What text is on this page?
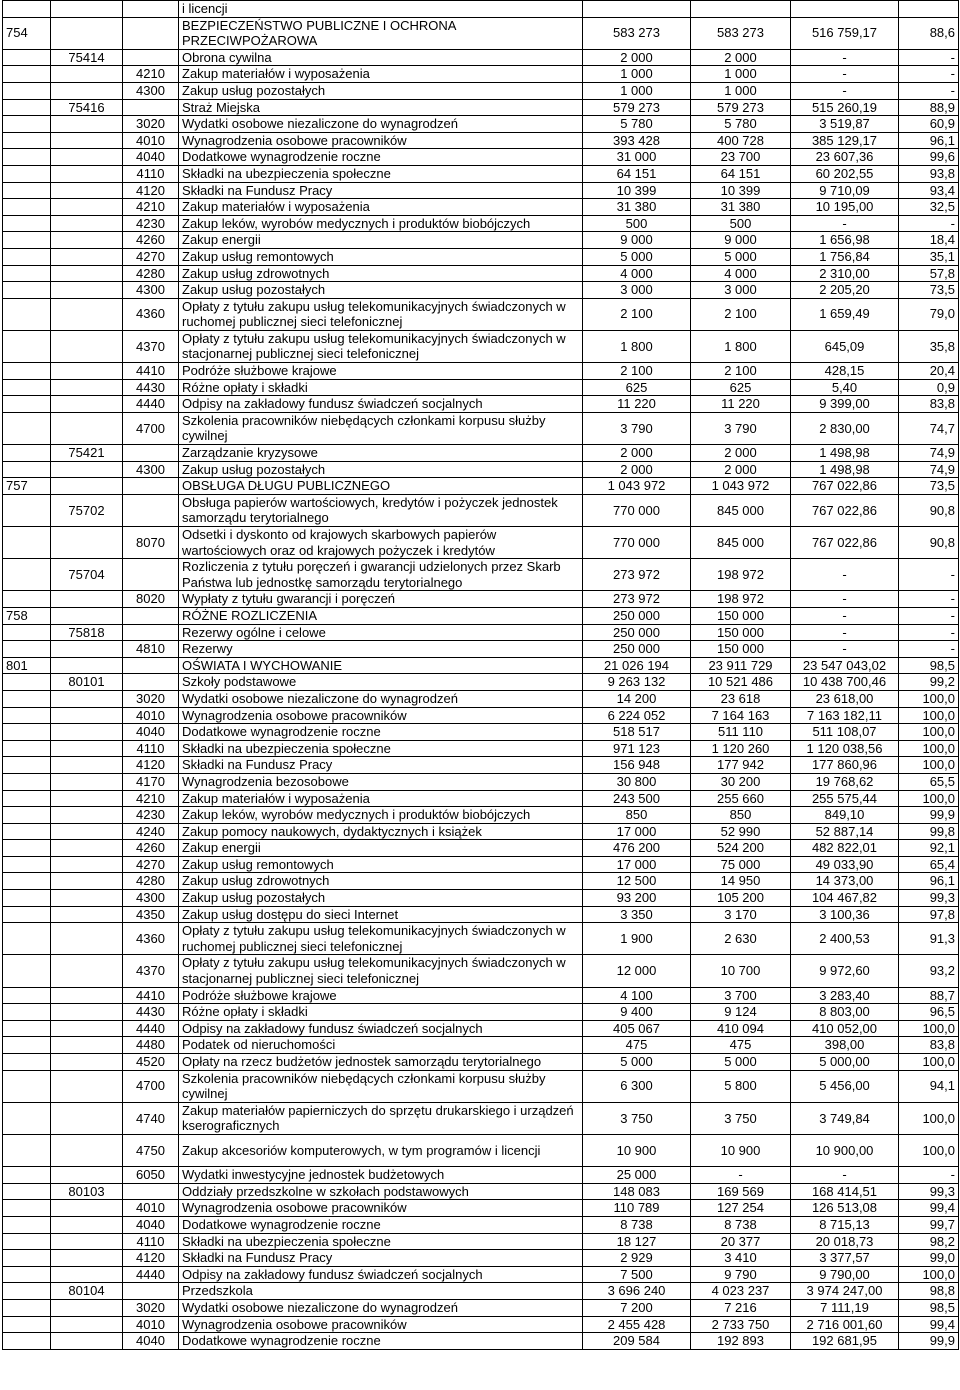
			i licencji				
754			BEZPIECZEŃSTWO PUBLICZNE I OCHRONA PRZECIWPOŻAROWA	583 273	583 273	516 759,17	88,6
	75414		Obrona cywilna	2 000	2 000	-	-
		4210	Zakup materiałów i wyposażenia	1 000	1 000	-	-
		4300	Zakup usług pozostałych	1 000	1 000	-	-
	75416		Straż Miejska	579 273	579 273	515 260,19	88,9
		3020	Wydatki osobowe niezaliczone do wynagrodzeń	5 780	5 780	3 519,87	60,9
		4010	Wynagrodzenia osobowe pracowników	393 428	400 728	385 129,17	96,1
		4040	Dodatkowe wynagrodzenie roczne	31 000	23 700	23 607,36	99,6
		4110	Składki na ubezpieczenia społeczne	64 151	64 151	60 202,55	93,8
		4120	Składki na Fundusz Pracy	10 399	10 399	9 710,09	93,4
		4210	Zakup materiałów i wyposażenia	31 380	31 380	10 195,00	32,5
		4230	Zakup leków, wyrobów medycznych i produktów biobójczych	500	500	-	-
		4260	Zakup energii	9 000	9 000	1 656,98	18,4
		4270	Zakup usług remontowych	5 000	5 000	1 756,84	35,1
		4280	Zakup usług zdrowotnych	4 000	4 000	2 310,00	57,8
		4300	Zakup usług pozostałych	3 000	3 000	2 205,20	73,5
		4360	Opłaty z tytułu zakupu usług telekomunikacyjnych świadczonych w ruchomej publicznej sieci telefonicznej	2 100	2 100	1 659,49	79,0
		4370	Opłaty z tytułu zakupu usług telekomunikacyjnych świadczonych w stacjonarnej publicznej sieci telefonicznej	1 800	1 800	645,09	35,8
		4410	Podróże służbowe krajowe	2 100	2 100	428,15	20,4
		4430	Różne opłaty i składki	625	625	5,40	0,9
		4440	Odpisy na zakładowy fundusz świadczeń socjalnych	11 220	11 220	9 399,00	83,8
		4700	Szkolenia pracowników niebędących członkami korpusu służby cywilnej	3 790	3 790	2 830,00	74,7
	75421		Zarządzanie kryzysowe	2 000	2 000	1 498,98	74,9
		4300	Zakup usług pozostałych	2 000	2 000	1 498,98	74,9
757			OBSŁUGA DŁUGU PUBLICZNEGO	1 043 972	1 043 972	767 022,86	73,5
	75702		Obsługa papierów wartościowych, kredytów i pożyczek jednostek samorządu terytorialnego	770 000	845 000	767 022,86	90,8
		8070	Odsetki i dyskonto od krajowych skarbowych papierów wartościowych oraz od krajowych pożyczek i kredytów	770 000	845 000	767 022,86	90,8
	75704		Rozliczenia z tytułu poręczeń i gwarancji udzielonych przez Skarb Państwa lub jednostkę samorządu terytorialnego	273 972	198 972	-	-
		8020	Wypłaty z tytułu gwarancji i poręczeń	273 972	198 972	-	-
758			RÓŻNE ROZLICZENIA	250 000	150 000	-	-
	75818		Rezerwy ogólne i celowe	250 000	150 000	-	-
		4810	Rezerwy	250 000	150 000	-	-
801			OŚWIATA I WYCHOWANIE	21 026 194	23 911 729	23 547 043,02	98,5
	80101		Szkoły podstawowe	9 263 132	10 521 486	10 438 700,46	99,2
		3020	Wydatki osobowe niezaliczone do wynagrodzeń	14 200	23 618	23 618,00	100,0
		4010	Wynagrodzenia osobowe pracowników	6 224 052	7 164 163	7 163 182,11	100,0
		4040	Dodatkowe wynagrodzenie roczne	518 517	511 110	511 108,07	100,0
		4110	Składki na ubezpieczenia społeczne	971 123	1 120 260	1 120 038,56	100,0
		4120	Składki na Fundusz Pracy	156 948	177 942	177 860,96	100,0
		4170	Wynagrodzenia bezosobowe	30 800	30 200	19 768,62	65,5
		4210	Zakup materiałów i wyposażenia	243 500	255 660	255 575,44	100,0
		4230	Zakup leków, wyrobów medycznych i produktów biobójczych	850	850	849,10	99,9
		4240	Zakup pomocy naukowych, dydaktycznych i książek	17 000	52 990	52 887,14	99,8
		4260	Zakup energii	476 200	524 200	482 822,01	92,1
		4270	Zakup usług remontowych	17 000	75 000	49 033,90	65,4
		4280	Zakup usług zdrowotnych	12 500	14 950	14 373,00	96,1
		4300	Zakup usług pozostałych	93 200	105 200	104 467,82	99,3
		4350	Zakup usług dostępu do sieci Internet	3 350	3 170	3 100,36	97,8
		4360	Opłaty z tytułu zakupu usług telekomunikacyjnych świadczonych w ruchomej publicznej sieci telefonicznej	1 900	2 630	2 400,53	91,3
		4370	Opłaty z tytułu zakupu usług telekomunikacyjnych świadczonych w stacjonarnej publicznej sieci telefonicznej	12 000	10 700	9 972,60	93,2
		4410	Podróże służbowe krajowe	4 100	3 700	3 283,40	88,7
		4430	Różne opłaty i składki	9 400	9 124	8 803,00	96,5
		4440	Odpisy na zakładowy fundusz świadczeń socjalnych	405 067	410 094	410 052,00	100,0
		4480	Podatek od nieruchomości	475	475	398,00	83,8
		4520	Opłaty na rzecz budżetów jednostek samorządu terytorialnego	5 000	5 000	5 000,00	100,0
		4700	Szkolenia pracowników niebędących członkami korpusu służby cywilnej	6 300	5 800	5 456,00	94,1
		4740	Zakup materiałów papierniczych do sprzętu drukarskiego i urządzeń kserograficznych	3 750	3 750	3 749,84	100,0
		4750	Zakup akcesoriów komputerowych, w tym programów i licencji	10 900	10 900	10 900,00	100,0
		6050	Wydatki inwestycyjne jednostek budżetowych	25 000	-	-	-
	80103		Oddziały przedszkolne w szkołach podstawowych	148 083	169 569	168 414,51	99,3
		4010	Wynagrodzenia osobowe pracowników	110 789	127 254	126 513,08	99,4
		4040	Dodatkowe wynagrodzenie roczne	8 738	8 738	8 715,13	99,7
		4110	Składki na ubezpieczenia społeczne	18 127	20 377	20 018,73	98,2
		4120	Składki na Fundusz Pracy	2 929	3 410	3 377,57	99,0
		4440	Odpisy na zakładowy fundusz świadczeń socjalnych	7 500	9 790	9 790,00	100,0
	80104		Przedszkola	3 696 240	4 023 237	3 974 247,00	98,8
		3020	Wydatki osobowe niezaliczone do wynagrodzeń	7 200	7 216	7 111,19	98,5
		4010	Wynagrodzenia osobowe pracowników	2 455 428	2 733 750	2 716 001,60	99,4
		4040	Dodatkowe wynagrodzenie roczne	209 584	192 893	192 681,95	99,9
